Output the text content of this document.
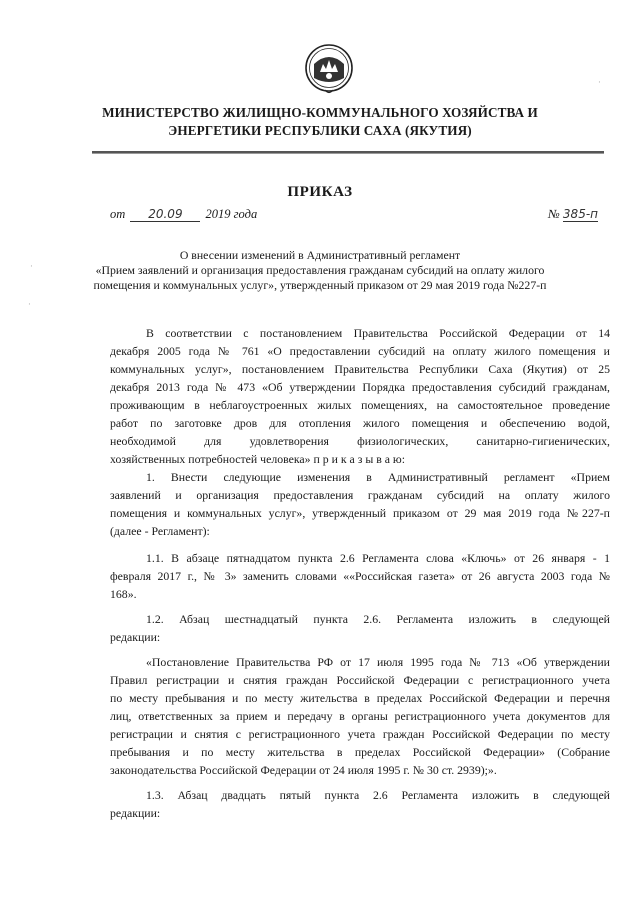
МИНИСТЕРСТВО ЖИЛИЩНО-КОММУНАЛЬНОГО ХОЗЯЙСТВА И
ЭНЕРГЕТИКИ РЕСПУБЛИКИ САХА (ЯКУТИЯ)
ПРИКАЗ
от 20.09 2019 года	№ 385-п
О внесении изменений в Административный регламент
«Прием заявлений и организация предоставления гражданам субсидий на оплату жилого
помещения и коммунальных услуг», утвержденный приказом от 29 мая 2019 года №227-п
В соответствии с постановлением Правительства Российской Федерации от 14
декабря 2005 года № 761 «О предоставлении субсидий на оплату жилого помещения и
коммунальных услуг», постановлением Правительства Республики Саха (Якутия) от 25
декабря 2013 года № 473 «Об утверждении Порядка предоставления субсидий гражданам,
проживающим в неблагоустроенных жилых помещениях, на самостоятельное проведение
работ по заготовке дров для отопления жилого помещения и обеспечению водой,
необходимой для удовлетворения физиологических, санитарно-гигиенических,
хозяйственных потребностей человека» п р и к а з ы в а ю:
1. Внести следующие изменения в Административный регламент «Прием
заявлений и организация предоставления гражданам субсидий на оплату жилого
помещения и коммунальных услуг», утвержденный приказом от 29 мая 2019 года №227-п
(далее - Регламент):
1.1. В абзаце пятнадцатом пункта 2.6 Регламента слова «Ключь» от 26 января - 1
февраля 2017 г., № 3» заменить словами ««Российская газета» от 26 августа 2003 года №
168».
1.2. Абзац шестнадцатый пункта 2.6. Регламента изложить в следующей
редакции:
«Постановление Правительства РФ от 17 июля 1995 года № 713 «Об утверждении
Правил регистрации и снятия граждан Российской Федерации с регистрационного учета
по месту пребывания и по месту жительства в пределах Российской Федерации и перечня
лиц, ответственных за прием и передачу в органы регистрационного учета документов для
регистрации и снятия с регистрационного учета граждан Российской Федерации по месту
пребывания и по месту жительства в пределах Российской Федерации» (Собрание
законодательства Российской Федерации от 24 июля 1995 г. № 30 ст. 2939);».
1.3. Абзац двадцать пятый пункта 2.6 Регламента изложить в следующей
редакции:
·
·
·
